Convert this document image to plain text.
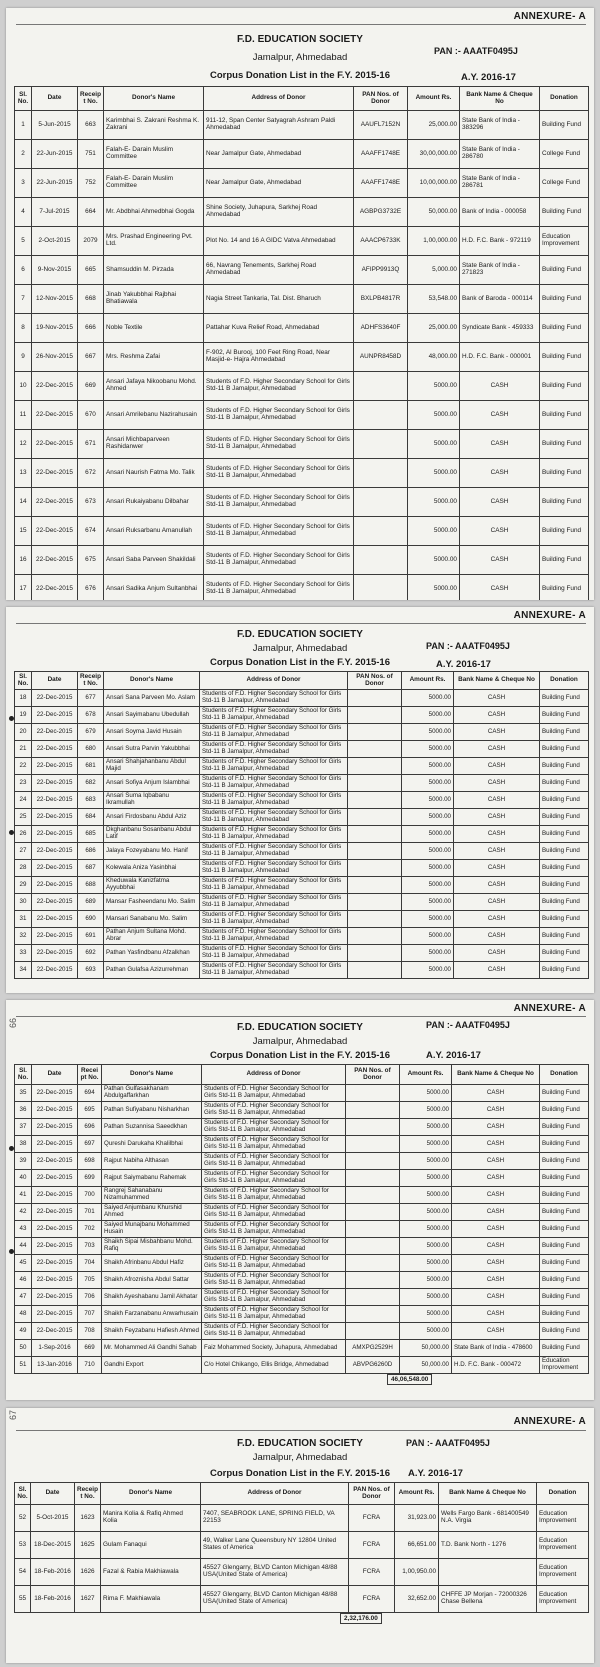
ANNEXURE- A
F.D. EDUCATION SOCIETY
PAN :- AAATF0495J
Jamalpur, Ahmedabad
Corpus Donation List in the F.Y. 2015-16	A.Y. 2016-17
Sl. No.	Date	Receipt No.	Donor's Name	Address of Donor	PAN Nos. of Donor	Amount Rs.	Bank Name & Cheque No	Donation
1	5-Jun-2015	663	Karimbhai S. Zakrani Reshma K. Zakrani	911-12, Span Center Satyagrah Ashram Paldi Ahmedabad	AAUFL7152N	25,000.00	State Bank of India - 383296	Building Fund
2	22-Jun-2015	751	Falah-E- Darain Muslim Committee	Near Jamalpur Gate, Ahmedabad	AAAFF1748E	30,00,000.00	State Bank of India - 286780	College Fund
3	22-Jun-2015	752	Falah-E- Darain Muslim Committee	Near Jamalpur Gate, Ahmedabad	AAAFF1748E	10,00,000.00	State Bank of India - 286781	College Fund
4	7-Jul-2015	664	Mr. Abdbhai Ahmedbhai Gogda	Shine Society, Juhapura, Sarkhej Road Ahmedabad	AGBPG3732E	50,000.00	Bank of India - 000058	Building Fund
5	2-Oct-2015	2079	Mrs. Prashad Engineering Pvt. Ltd.	Plot No. 14 and 16 A GIDC Vatva Ahmedabad	AAACP6733K	1,00,000.00	H.D. F.C. Bank - 972119	Education Improvement
6	9-Nov-2015	665	Shamsuddin M. Pirzada	66, Navrang Tenements, Sarkhej Road Ahmedabad	AFIPP9913Q	5,000.00	State Bank of India - 271823	Building Fund
7	12-Nov-2015	668	Jinab Yakubbhai Rajbhai Bhatiawala	Nagia Street Tankaria, Tal. Dist. Bharuch	BXLPB4817R	53,548.00	Bank of Baroda - 000114	Building Fund
8	19-Nov-2015	666	Noble Textile	Pattahar Kuva Relief Road, Ahmedabad	ADHFS3640F	25,000.00	Syndicate Bank - 459333	Building Fund
9	26-Nov-2015	667	Mrs. Reshma Zafai	F-902, Al Burooj, 100 Feet Ring Road, Near Masjid-e- Hajra Ahmedabad	AUNPR8458D	48,000.00	H.D. F.C. Bank - 000001	Building Fund
10	22-Dec-2015	669	Ansari Jafaya Nikoobanu Mohd. Ahmed	Students of F.D. Higher Secondary School for Girls Std-11 B Jamalpur, Ahmedabad		5000.00	CASH	Building Fund
11	22-Dec-2015	670	Ansari Amrilebanu Nazirahusain	Students of F.D. Higher Secondary School for Girls Std-11 B Jamalpur, Ahmedabad		5000.00	CASH	Building Fund
12	22-Dec-2015	671	Ansari Michbaparveen Rashidanwer	Students of F.D. Higher Secondary School for Girls Std-11 B Jamalpur, Ahmedabad		5000.00	CASH	Building Fund
13	22-Dec-2015	672	Ansari Naurish Fatma Mo. Talik	Students of F.D. Higher Secondary School for Girls Std-11 B Jamalpur, Ahmedabad		5000.00	CASH	Building Fund
14	22-Dec-2015	673	Ansari Rukaiyabanu Dilbahar	Students of F.D. Higher Secondary School for Girls Std-11 B Jamalpur, Ahmedabad		5000.00	CASH	Building Fund
15	22-Dec-2015	674	Ansari Ruksarbanu Amanullah	Students of F.D. Higher Secondary School for Girls Std-11 B Jamalpur, Ahmedabad		5000.00	CASH	Building Fund
16	22-Dec-2015	675	Ansari Saba Parveen Shakildali	Students of F.D. Higher Secondary School for Girls Std-11 B Jamalpur, Ahmedabad		5000.00	CASH	Building Fund
17	22-Dec-2015	676	Ansari Sadika Anjum Sultanbhai	Students of F.D. Higher Secondary School for Girls Std-11 B Jamalpur, Ahmedabad		5000.00	CASH	Building Fund
ANNEXURE- A
F.D. EDUCATION SOCIETY
PAN :- AAATF0495J
Jamalpur, Ahmedabad
Corpus Donation List in the F.Y. 2015-16	A.Y. 2016-17
Sl. No.	Date	Receipt No.	Donor's Name	Address of Donor	PAN Nos. of Donor	Amount Rs.	Bank Name & Cheque No	Donation
18	22-Dec-2015	677	Ansari Sana Parveen Mo. Aslam	Students of F.D. Higher Secondary School for Girls Std-11 B Jamalpur, Ahmedabad		5000.00	CASH	Building Fund
19	22-Dec-2015	678	Ansari Sayimabanu Ubedullah	Students of F.D. Higher Secondary School for Girls Std-11 B Jamalpur, Ahmedabad		5000.00	CASH	Building Fund
20	22-Dec-2015	679	Ansari Soyma Javid Husain	Students of F.D. Higher Secondary School for Girls Std-11 B Jamalpur, Ahmedabad		5000.00	CASH	Building Fund
21	22-Dec-2015	680	Ansari Sutra Parvin Yakubbhai	Students of F.D. Higher Secondary School for Girls Std-11 B Jamalpur, Ahmedabad		5000.00	CASH	Building Fund
22	22-Dec-2015	681	Ansari Shahjahanbanu Abdul Majid	Students of F.D. Higher Secondary School for Girls Std-11 B Jamalpur, Ahmedabad		5000.00	CASH	Building Fund
23	22-Dec-2015	682	Ansari Sofiya Anjum Islambhai	Students of F.D. Higher Secondary School for Girls Std-11 B Jamalpur, Ahmedabad		5000.00	CASH	Building Fund
24	22-Dec-2015	683	Ansari Suma Iqbabanu Ikramullah	Students of F.D. Higher Secondary School for Girls Std-11 B Jamalpur, Ahmedabad		5000.00	CASH	Building Fund
25	22-Dec-2015	684	Ansari Firdosbanu Abdul Aziz	Students of F.D. Higher Secondary School for Girls Std-11 B Jamalpur, Ahmedabad		5000.00	CASH	Building Fund
26	22-Dec-2015	685	Dkghanbanu Sosanbanu Abdul Latif	Students of F.D. Higher Secondary School for Girls Std-11 B Jamalpur, Ahmedabad		5000.00	CASH	Building Fund
27	22-Dec-2015	686	Jalaya Fozeyabanu Mo. Hanif	Students of F.D. Higher Secondary School for Girls Std-11 B Jamalpur, Ahmedabad		5000.00	CASH	Building Fund
28	22-Dec-2015	687	Kolewala Aniza Yasinbhai	Students of F.D. Higher Secondary School for Girls Std-11 B Jamalpur, Ahmedabad		5000.00	CASH	Building Fund
29	22-Dec-2015	688	Kheduwala Kanizfatma Ayyubbhai	Students of F.D. Higher Secondary School for Girls Std-11 B Jamalpur, Ahmedabad		5000.00	CASH	Building Fund
30	22-Dec-2015	689	Mansar Fasheendanu Mo. Salim	Students of F.D. Higher Secondary School for Girls Std-11 B Jamalpur, Ahmedabad		5000.00	CASH	Building Fund
31	22-Dec-2015	690	Mansari Sanabanu Mo. Salim	Students of F.D. Higher Secondary School for Girls Std-11 B Jamalpur, Ahmedabad		5000.00	CASH	Building Fund
32	22-Dec-2015	691	Pathan Anjum Sultana Mohd. Abrar	Students of F.D. Higher Secondary School for Girls Std-11 B Jamalpur, Ahmedabad		5000.00	CASH	Building Fund
33	22-Dec-2015	692	Pathan Yasfindbanu Afzalkhan	Students of F.D. Higher Secondary School for Girls Std-11 B Jamalpur, Ahmedabad		5000.00	CASH	Building Fund
34	22-Dec-2015	693	Pathan Gulafsa Azizurrehman	Students of F.D. Higher Secondary School for Girls Std-11 B Jamalpur, Ahmedabad		5000.00	CASH	Building Fund
66
ANNEXURE- A
F.D. EDUCATION SOCIETY	PAN :- AAATF0495J
Jamalpur, Ahmedabad
Corpus Donation List in the F.Y. 2015-16	A.Y. 2016-17
Sl. No.	Date	Receipt No.	Donor's Name	Address of Donor	PAN Nos. of Donor	Amount Rs.	Bank Name & Cheque No	Donation
35	22-Dec-2015	694	Pathan Gulfasakhanam Abdulgaffarkhan	Students of F.D. Higher Secondary School for Girls Std-11 B Jamalpur, Ahmedabad		5000.00	CASH	Building Fund
36	22-Dec-2015	695	Pathan Sufiyabanu Nisharkhan	Students of F.D. Higher Secondary School for Girls Std-11 B Jamalpur, Ahmedabad		5000.00	CASH	Building Fund
37	22-Dec-2015	696	Pathan Suzannisa Saeedkhan	Students of F.D. Higher Secondary School for Girls Std-11 B Jamalpur, Ahmedabad		5000.00	CASH	Building Fund
38	22-Dec-2015	697	Qureshi Darukaha Khalilbhai	Students of F.D. Higher Secondary School for Girls Std-11 B Jamalpur, Ahmedabad		5000.00	CASH	Building Fund
39	22-Dec-2015	698	Rajput Nabiha Althasan	Students of F.D. Higher Secondary School for Girls Std-11 B Jamalpur, Ahmedabad		5000.00	CASH	Building Fund
40	22-Dec-2015	699	Rajput Saiymabanu Rahemak	Students of F.D. Higher Secondary School for Girls Std-11 B Jamalpur, Ahmedabad		5000.00	CASH	Building Fund
41	22-Dec-2015	700	Rangrej Sahanabanu Nizamuhammed	Students of F.D. Higher Secondary School for Girls Std-11 B Jamalpur, Ahmedabad		5000.00	CASH	Building Fund
42	22-Dec-2015	701	Saiyed Anjumbanu Khurshid Ahmed	Students of F.D. Higher Secondary School for Girls Std-11 B Jamalpur, Ahmedabad		5000.00	CASH	Building Fund
43	22-Dec-2015	702	Saiyed Munajbanu Mohammed Husain	Students of F.D. Higher Secondary School for Girls Std-11 B Jamalpur, Ahmedabad		5000.00	CASH	Building Fund
44	22-Dec-2015	703	Shaikh Sipai Misbahbanu Mohd. Rafiq	Students of F.D. Higher Secondary School for Girls Std-11 B Jamalpur, Ahmedabad		5000.00	CASH	Building Fund
45	22-Dec-2015	704	Shaikh Afrinbanu Abdul Hafiz	Students of F.D. Higher Secondary School for Girls Std-11 B Jamalpur, Ahmedabad		5000.00	CASH	Building Fund
46	22-Dec-2015	705	Shaikh Afroznisha Abdul Sattar	Students of F.D. Higher Secondary School for Girls Std-11 B Jamalpur, Ahmedabad		5000.00	CASH	Building Fund
47	22-Dec-2015	706	Shaikh Ayeshabanu Jamil Akhatar	Students of F.D. Higher Secondary School for Girls Std-11 B Jamalpur, Ahmedabad		5000.00	CASH	Building Fund
48	22-Dec-2015	707	Shaikh Farzanabanu Anwarhusain	Students of F.D. Higher Secondary School for Girls Std-11 B Jamalpur, Ahmedabad		5000.00	CASH	Building Fund
49	22-Dec-2015	708	Shaikh Feyzabanu Hafiesh Ahmed	Students of F.D. Higher Secondary School for Girls Std-11 B Jamalpur, Ahmedabad		5000.00	CASH	Building Fund
50	1-Sep-2016	669	Mr. Mohammed Ali Gandhi Sahab	Faiz Mohammed Society, Juhapura, Ahmedabad	AMXPG2529H	50,000.00	State Bank of India - 478600	Building Fund
51	13-Jan-2016	710	Gandhi Export	C/o Hotel Chikango, Ellis Bridge, Ahmedabad	ABVPG6260D	50,000.00	H.D. F.C. Bank - 000472	Education Improvement
46,06,548.00
67
ANNEXURE- A
F.D. EDUCATION SOCIETY	PAN :- AAATF0495J
Jamalpur, Ahmedabad
Corpus Donation List in the F.Y. 2015-16	A.Y. 2016-17
Sl. No.	Date	Receipt No.	Donor's Name	Address of Donor	PAN Nos. of Donor	Amount Rs.	Bank Name & Cheque No	Donation
52	5-Oct-2015	1623	Manira Kolia & Rafiq Ahmed Kolia	7407, SEABROOK LANE, SPRING FIELD, VA 22153	FCRA	31,923.00	Wells Fargo Bank - 681400549 N.A. Virgia	Education Improvement
53	18-Dec-2015	1625	Gulam Fanaqui	49, Walker Lane Queensbury NY 12804 United States of America	FCRA	66,651.00	T.D. Bank North - 1276	Education Improvement
54	18-Feb-2016	1626	Fazal & Rabia Makhiawala	45527 Glengarry, BLVD Canton Michigan 48/88 USA(United State of America)	FCRA	1,00,950.00		Education Improvement
55	18-Feb-2016	1627	Rima F. Makhiawala	45527 Glengarry, BLVD Canton Michigan 48/88 USA(United State of America)	FCRA	32,652.00	CHFFE JP Morjan - 72000326 Chase Bellena	Education Improvement
2,32,176.00
